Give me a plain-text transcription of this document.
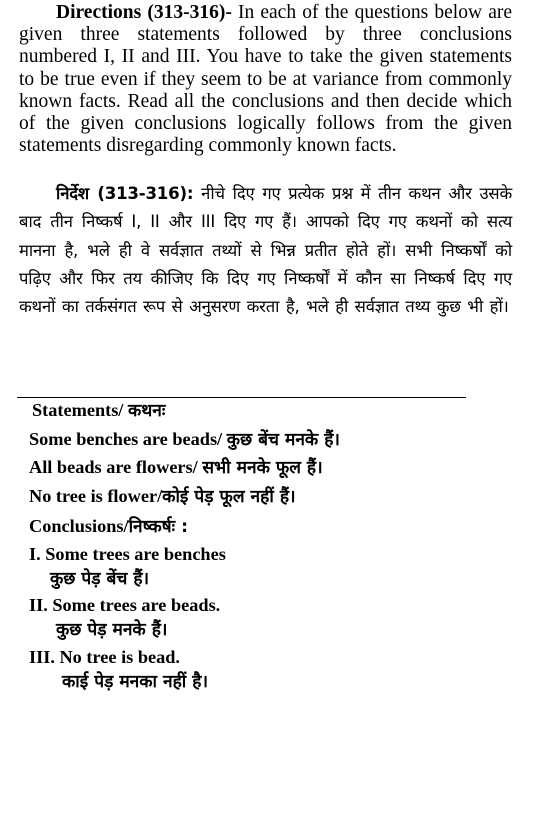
Directions (313-316)- In each of the questions below are given three statements followed by three conclusions numbered I, II and III. You have to take the given statements to be true even if they seem to be at variance from commonly known facts. Read all the conclusions and then decide which of the given conclusions logically follows from the given statements disregarding commonly known facts.
निर्देश (313-316): नीचे दिए गए प्रत्येक प्रश्न में तीन कथन और उसके बाद तीन निष्कर्ष I, II और III दिए गए हैं। आपको दिए गए कथनों को सत्य मानना है, भले ही वे सर्वज्ञात तथ्यों से भिन्न प्रतीत होते हों। सभी निष्कर्षों को पढ़िए और फिर तय कीजिए कि दिए गए निष्कर्षों में कौन सा निष्कर्ष दिए गए कथनों का तर्कसंगत रूप से अनुसरण करता है, भले ही सर्वज्ञात तथ्य कुछ भी हों।
Statements/ कथनः
Some benches are beads/ कुछ बेंच मनके हैं।
All beads are flowers/ सभी मनके फूल हैं।
No tree is flower/कोई पेड़ फूल नहीं हैं।
Conclusions/निष्कर्षः :
I. Some trees are benches
कुछ पेड़ बेंच हैं।
II. Some trees are beads.
कुछ पेड़ मनके हैं।
III. No tree is bead.
काई पेड़ मनका नहीं है।
